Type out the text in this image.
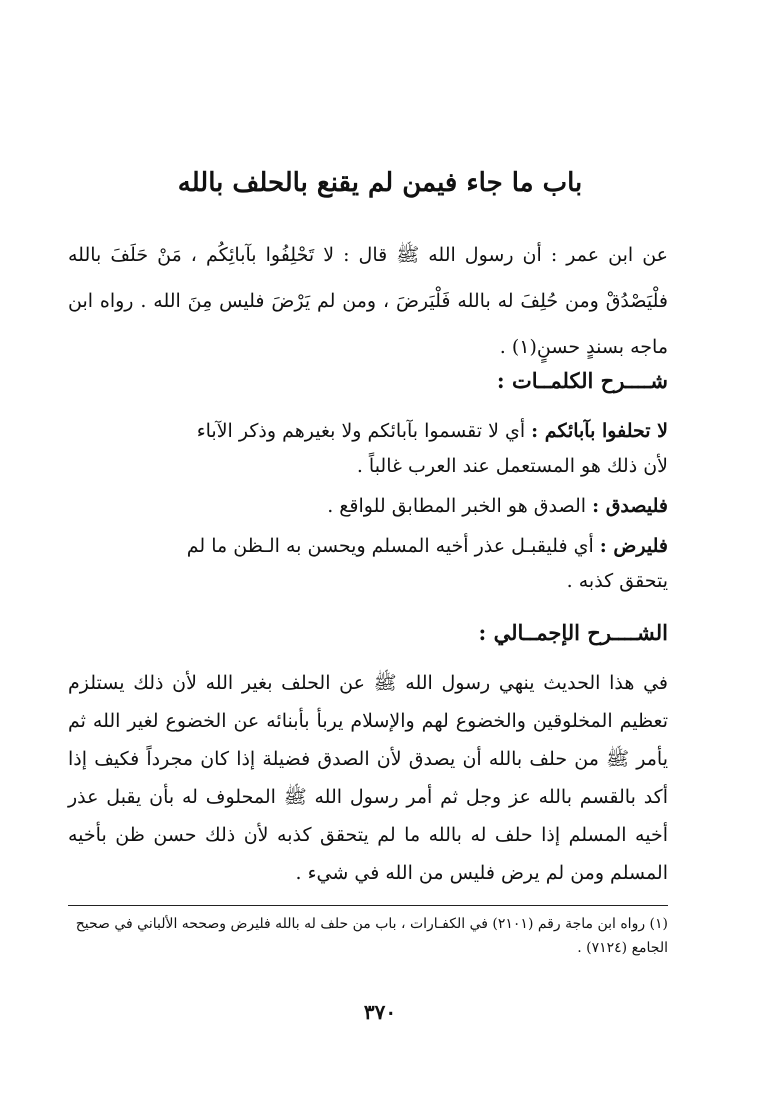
باب ما جاء فيمن لم يقنع بالحلف بالله

عن ابن عمر : أن رسول الله ﷺ قال : لا تَحْلِفُوا بآبائِكُم ، مَنْ حَلَفَ بالله فلْيَصْدُقْ ومن حُلِفَ له بالله فَلْيَرضَ ، ومن لم يَرْضَ فليس مِنَ الله . رواه ابن ماجه بسندٍ حسنٍ(١) .

شــــرح الكلمــات :
لا تحلفوا بآبائكم : أي لا تقسموا بآبائكم ولا بغيرهم وذكر الآباء
لأن ذلك هو المستعمل عند العرب غالباً .
فليصدق : الصدق هو الخبر المطابق للواقع .
فليرض : أي فليقبـل عذر أخيه المسلم ويحسن به الـظن ما لم
يتحقق كذبه .
الشــــرح الإجمــالي :

في هذا الحديث ينهي رسول الله ﷺ عن الحلف بغير الله لأن ذلك يستلزم تعظيم المخلوقين والخضوع لهم والإسلام يربأ بأبنائه عن الخضوع لغير الله ثم يأمر ﷺ من حلف بالله أن يصدق لأن الصدق فضيلة إذا كان مجرداً فكيف إذا أكد بالقسم بالله عز وجل ثم أمر رسول الله ﷺ المحلوف له بأن يقبل عذر أخيه المسلم إذا حلف له بالله ما لم يتحقق كذبه لأن ذلك حسن ظن بأخيه المسلم ومن لم يرض فليس من الله في شيء .

(١) رواه ابن ماجة رقم (٢١٠١) في الكفـارات ، باب من حلف له بالله فليرض وصححه الألباني في صحيح الجامع (٧١٢٤) .

٣٧٠
